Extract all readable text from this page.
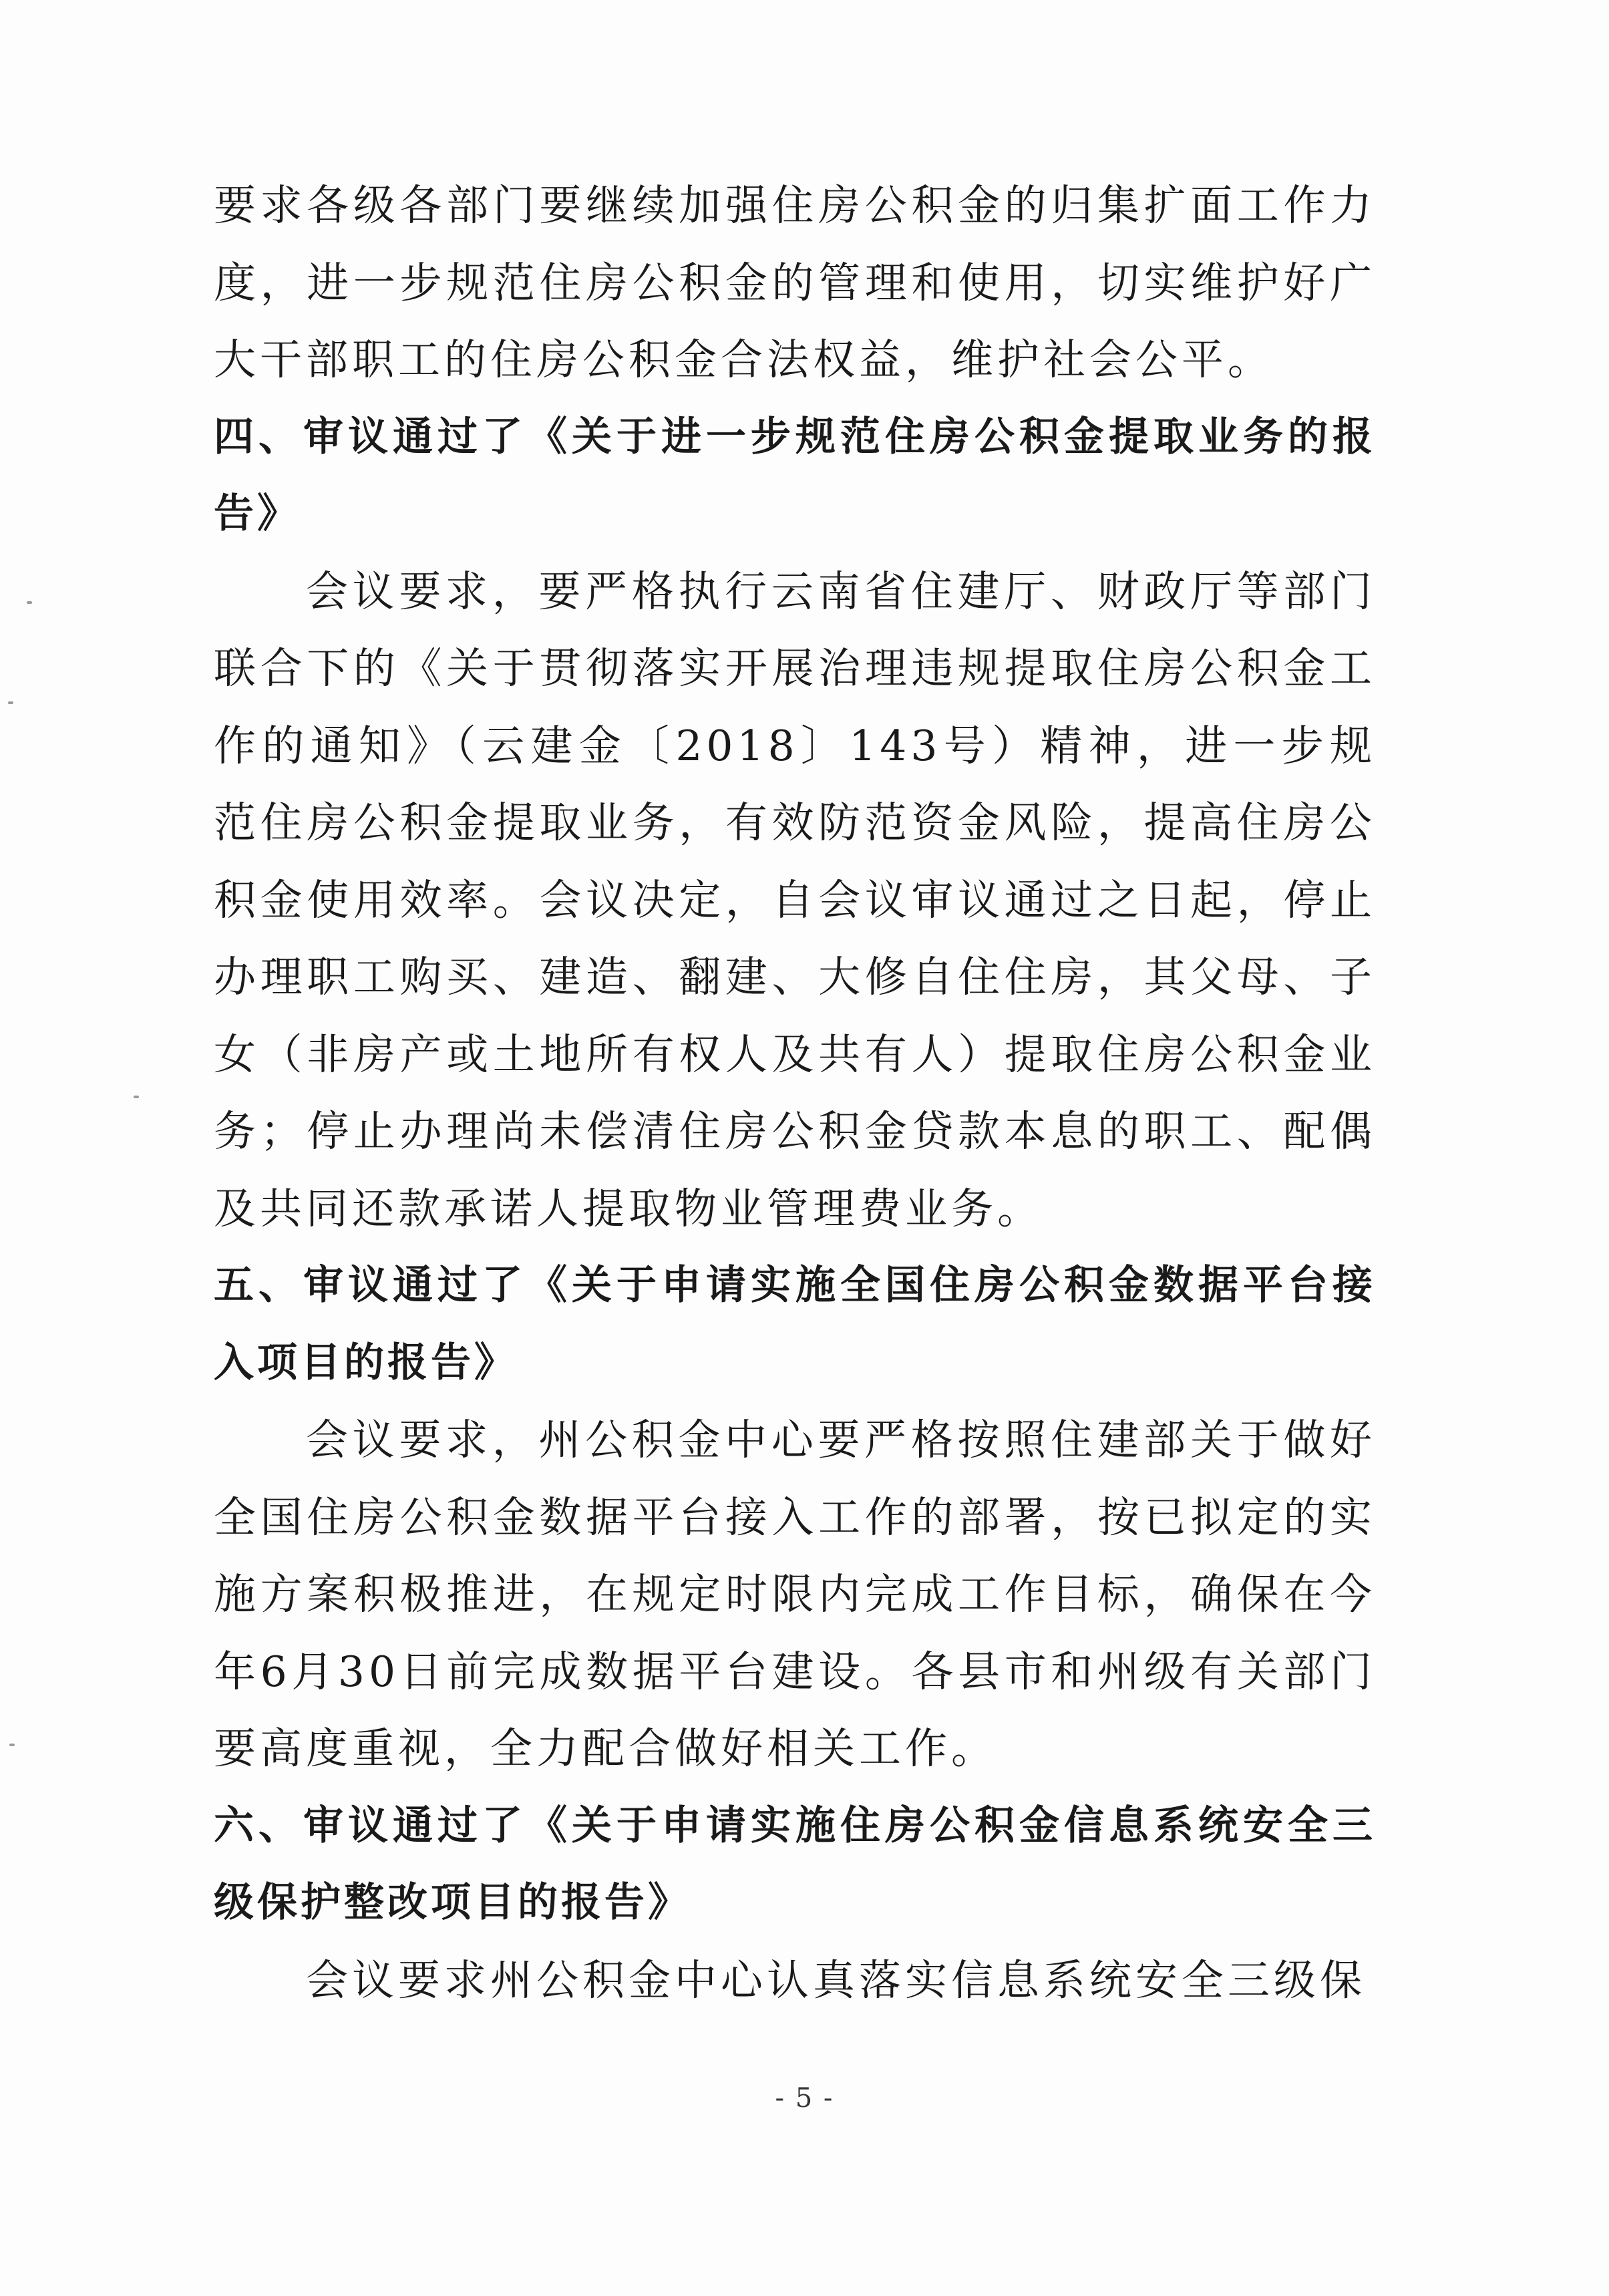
要求各级各部门要继续加强住房公积金的归集扩面工作力度，进一步规范住房公积金的管理和使用，切实维护好广大干部职工的住房公积金合法权益，维护社会公平。

四、审议通过了《关于进一步规范住房公积金提取业务的报告》

会议要求，要严格执行云南省住建厅、财政厅等部门联合下的《关于贯彻落实开展治理违规提取住房公积金工作的通知》（云建金〔2018〕143号）精神，进一步规范住房公积金提取业务，有效防范资金风险，提高住房公积金使用效率。会议决定，自会议审议通过之日起，停止办理职工购买、建造、翻建、大修自住住房，其父母、子女（非房产或土地所有权人及共有人）提取住房公积金业务；停止办理尚未偿清住房公积金贷款本息的职工、配偶及共同还款承诺人提取物业管理费业务。

五、审议通过了《关于申请实施全国住房公积金数据平台接入项目的报告》

会议要求，州公积金中心要严格按照住建部关于做好全国住房公积金数据平台接入工作的部署，按已拟定的实施方案积极推进，在规定时限内完成工作目标，确保在今年6月30日前完成数据平台建设。各县市和州级有关部门要高度重视，全力配合做好相关工作。

六、审议通过了《关于申请实施住房公积金信息系统安全三级保护整改项目的报告》

会议要求州公积金中心认真落实信息系统安全三级保

- 5 -
